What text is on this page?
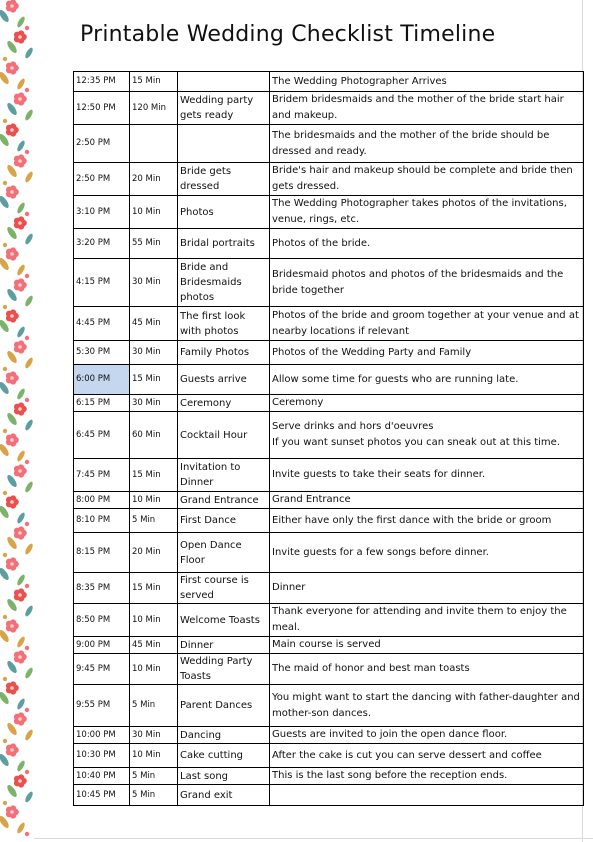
Printable Wedding Checklist Timeline
12:35 PM	15 Min		The Wedding Photographer Arrives
12:50 PM	120 Min	Wedding party gets ready	Bridem bridesmaids and the mother of the bride start hair and makeup.
2:50 PM			The bridesmaids and the mother of the bride should be dressed and ready.
2:50 PM	20 Min	Bride gets dressed	Bride's hair and makeup should be complete and bride then gets dressed.
3:10 PM	10 Min	Photos	The Wedding Photographer takes photos of the invitations, venue, rings, etc.
3:20 PM	55 Min	Bridal portraits	Photos of the bride.
4:15 PM	30 Min	Bride and Bridesmaids photos	Bridesmaid photos and photos of the bridesmaids and the bride together
4:45 PM	45 Min	The first look with photos	Photos of the bride and groom together at your venue and at nearby locations if relevant
5:30 PM	30 Min	Family Photos	Photos of the Wedding Party and Family
6:00 PM	15 Min	Guests arrive	Allow some time for guests who are running late.
6:15 PM	30 Min	Ceremony	Ceremony
6:45 PM	60 Min	Cocktail Hour	Serve drinks and hors d'oeuvres
If you want sunset photos you can sneak out at this time.
7:45 PM	15 Min	Invitation to Dinner	Invite guests to take their seats for dinner.
8:00 PM	10 Min	Grand Entrance	Grand Entrance
8:10 PM	5 Min	First Dance	Either have only the first dance with the bride or groom
8:15 PM	20 Min	Open Dance Floor	Invite guests for a few songs before dinner.
8:35 PM	15 Min	First course is served	Dinner
8:50 PM	10 Min	Welcome Toasts	Thank everyone for attending and invite them to enjoy the meal.
9:00 PM	45 Min	Dinner	Main course is served
9:45 PM	10 Min	Wedding Party Toasts	The maid of honor and best man toasts
9:55 PM	5 Min	Parent Dances	You might want to start the dancing with father-daughter and mother-son dances.
10:00 PM	30 Min	Dancing	Guests are invited to join the open dance floor.
10:30 PM	10 Min	Cake cutting	After the cake is cut you can serve dessert and coffee
10:40 PM	5 Min	Last song	This is the last song before the reception ends.
10:45 PM	5 Min	Grand exit	
